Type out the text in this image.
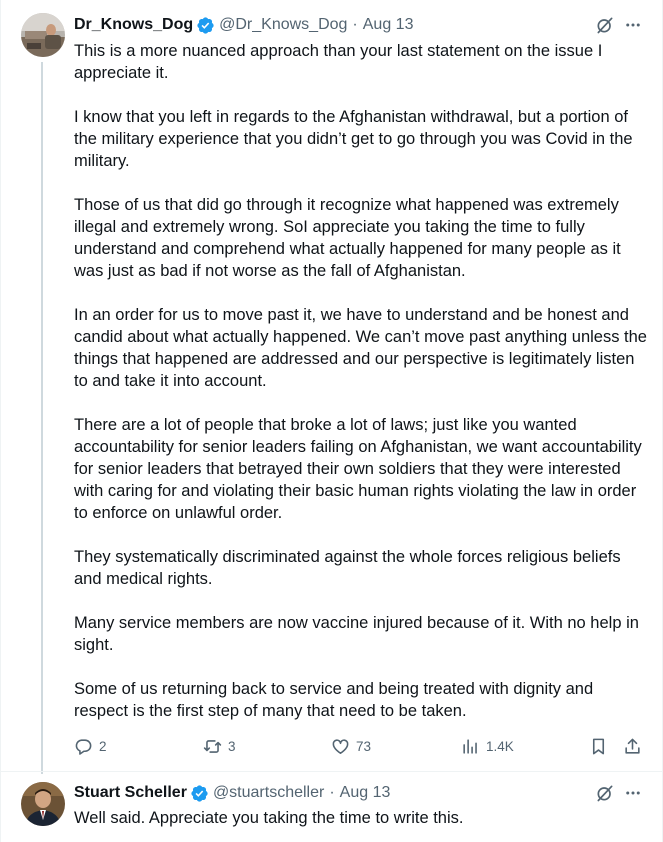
Dr_Knows_Dog @Dr_Knows_Dog · Aug 13

This is a more nuanced approach than your last statement on the issue I appreciate it.

I know that you left in regards to the Afghanistan withdrawal, but a portion of the military experience that you didn’t get to go through you was Covid in the military.

Those of us that did go through it recognize what happened was extremely illegal and extremely wrong. SoI appreciate you taking the time to fully understand and comprehend what actually happened for many people as it was just as bad if not worse as the fall of Afghanistan.

In an order for us to move past it, we have to understand and be honest and candid about what actually happened. We can’t move past anything unless the things that happened are addressed and our perspective is legitimately listen to and take it into account.

There are a lot of people that broke a lot of laws; just like you wanted accountability for senior leaders failing on Afghanistan, we want accountability for senior leaders that betrayed their own soldiers that they were interested with caring for and violating their basic human rights violating the law in order to enforce on unlawful order.

They systematically discriminated against the whole forces religious beliefs and medical rights.

Many service members are now vaccine injured because of it. With no help in sight.

Some of us returning back to service and being treated with dignity and respect is the first step of many that need to be taken.

2	3	73	1.4K
Stuart Scheller @stuartscheller · Aug 13

Well said. Appreciate you taking the time to write this.
